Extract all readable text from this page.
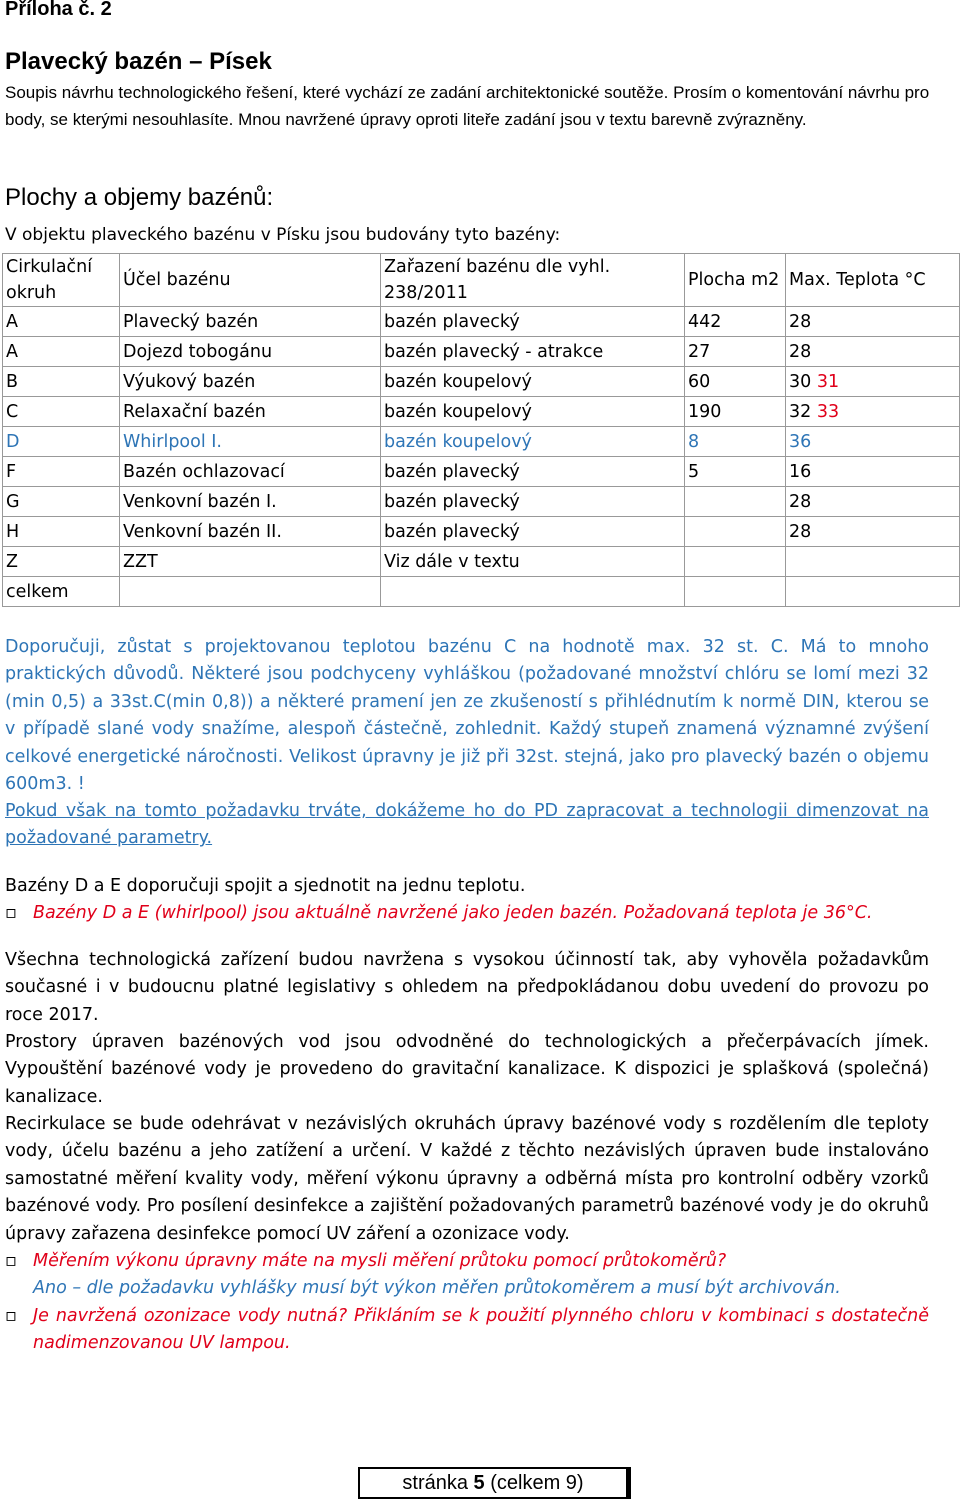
Příloha č. 2
Plavecký bazén – Písek
Soupis návrhu technologického řešení, které vychází ze zadání architektonické soutěže. Prosím o komentování návrhu pro body, se kterými nesouhlasíte. Mnou navržené úpravy oproti liteře zadání jsou v textu barevně zvýrazněny.
Plochy a objemy bazénů:
V objektu plaveckého bazénu v Písku jsou budovány tyto bazény:
Cirkulační okruh	Účel bazénu	Zařazení bazénu dle vyhl. 238/2011	Plocha m2	Max. Teplota °C
A	Plavecký bazén	bazén plavecký	442	28
A	Dojezd tobogánu	bazén plavecký - atrakce	27	28
B	Výukový bazén	bazén koupelový	60	30 31
C	Relaxační bazén	bazén koupelový	190	32 33
D	Whirlpool I.	bazén koupelový	8	36
F	Bazén ochlazovací	bazén plavecký	5	16
G	Venkovní bazén I.	bazén plavecký		28
H	Venkovní bazén II.	bazén plavecký		28
Z	ZZT	Viz dále v textu		
celkem				
Doporučuji, zůstat s projektovanou teplotou bazénu C na hodnotě max. 32 st. C. Má to mnoho praktických důvodů. Některé jsou podchyceny vyhláškou (požadované množství chlóru se lomí mezi 32 (min 0,5) a 33st.C(min 0,8)) a některé pramení jen ze zkušeností s přihlédnutím k normě DIN, kterou se v případě slané vody snažíme, alespoň částečně, zohlednit. Každý stupeň znamená významné zvýšení celkové energetické náročnosti. Velikost úpravny je již při 32st. stejná, jako pro plavecký bazén o objemu 600m3. !
Pokud však na tomto požadavku trváte, dokážeme ho do PD zapracovat a technologii dimenzovat na požadované parametry.
Bazény D a E doporučuji spojit a sjednotit na jednu teplotu.
▫ Bazény D a E (whirlpool) jsou aktuálně navržené jako jeden bazén. Požadovaná teplota je 36°C.
Všechna technologická zařízení budou navržena s vysokou účinností tak, aby vyhověla požadavkům současné i v budoucnu platné legislativy s ohledem na předpokládanou dobu uvedení do provozu po roce 2017.
Prostory úpraven bazénových vod jsou odvodněné do technologických a přečerpávacích jímek. Vypouštění bazénové vody je provedeno do gravitační kanalizace. K dispozici je splašková (společná) kanalizace.
Recirkulace se bude odehrávat v nezávislých okruhách úpravy bazénové vody s rozdělením dle teploty vody, účelu bazénu a jeho zatížení a určení. V každé z těchto nezávislých úpraven bude instalováno samostatné měření kvality vody, měření výkonu úpravny a odběrná místa pro kontrolní odběry vzorků bazénové vody. Pro posílení desinfekce a zajištění požadovaných parametrů bazénové vody je do okruhů úpravy zařazena desinfekce pomocí UV záření a ozonizace vody.
▫ Měřením výkonu úpravny máte na mysli měření průtoku pomocí průtokoměrů?
Ano – dle požadavku vyhlášky musí být výkon měřen průtokoměrem a musí být archivován.
▫ Je navržená ozonizace vody nutná? Přikláním se k použití plynného chloru v kombinaci s dostatečně nadimenzovanou UV lampou.
stránka 5 (celkem 9)
